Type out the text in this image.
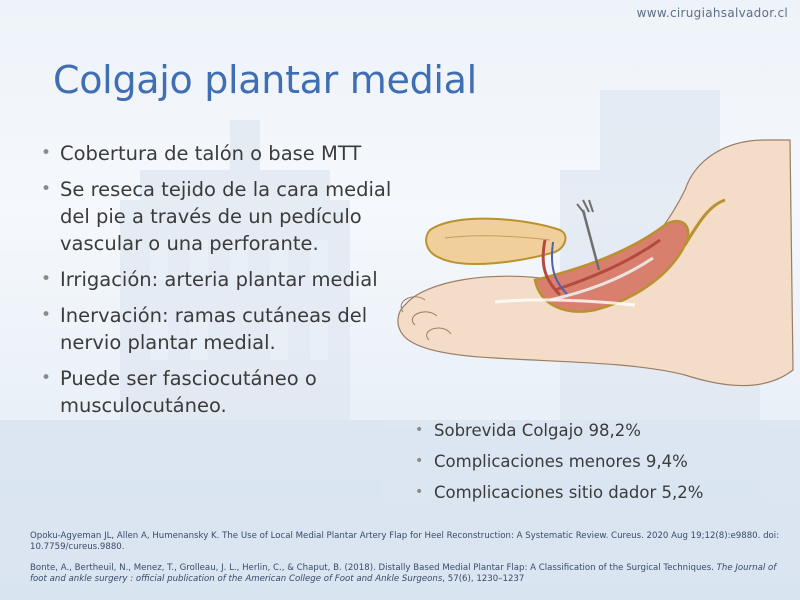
www.cirugiahsalvador.cl
Colgajo plantar medial
• Cobertura de talón o base MTT
• Se reseca tejido de la cara medial del pie a través de un pedículo vascular o una perforante.
• Irrigación: arteria plantar medial
• Inervación: ramas cutáneas del nervio plantar medial.
• Puede ser fasciocutáneo o musculocutáneo.
• Sobrevida Colgajo 98,2%
• Complicaciones menores 9,4%
• Complicaciones sitio dador 5,2%

Opoku-Agyeman JL, Allen A, Humenansky K. The Use of Local Medial Plantar Artery Flap for Heel Reconstruction: A Systematic Review. Cureus. 2020 Aug 19;12(8):e9880. doi: 10.7759/cureus.9880.

Bonte, A., Bertheuil, N., Menez, T., Grolleau, J. L., Herlin, C., & Chaput, B. (2018). Distally Based Medial Plantar Flap: A Classification of the Surgical Techniques. The Journal of foot and ankle surgery : official publication of the American College of Foot and Ankle Surgeons, 57(6), 1230–1237
